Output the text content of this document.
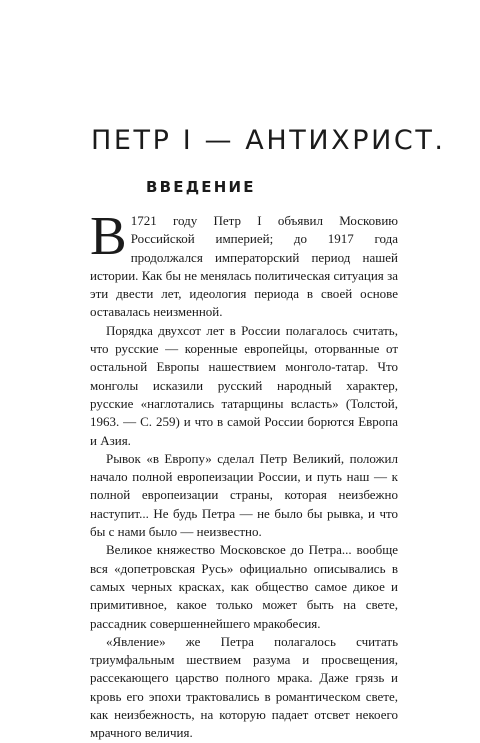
ПЕТР I — АНТИХРИСТ.
ВВЕДЕНИЕ

В 1721 году Петр I объявил Московию Российской империей; до 1917 года продолжался императорский период нашей истории. Как бы не менялась политическая ситуация за эти двести лет, идеология периода в своей основе оставалась неизменной.

Порядка двухсот лет в России полагалось считать, что русские — коренные европейцы, оторванные от остальной Европы нашествием монголо-татар. Что монголы исказили русский народный характер, русские «наглотались татарщины всласть» (Толстой, 1963. — С. 259) и что в самой России борются Европа и Азия.

Рывок «в Европу» сделал Петр Великий, положил начало полной европеизации России, и путь наш — к полной европеизации страны, которая неизбежно наступит... Не будь Петра — не было бы рывка, и что бы с нами было — неизвестно.

Великое княжество Московское до Петра... вообще вся «допетровская Русь» официально описывались в самых черных красках, как общество самое дикое и примитивное, какое только может быть на свете, рассадник совершеннейшего мракобесия.

«Явление» же Петра полагалось считать триумфальным шествием разума и просвещения, рассекающего царство полного мрака. Даже грязь и кровь его эпохи трактовались в романтическом свете, как неизбежность, на которую падает отсвет некоего мрачного величия.
